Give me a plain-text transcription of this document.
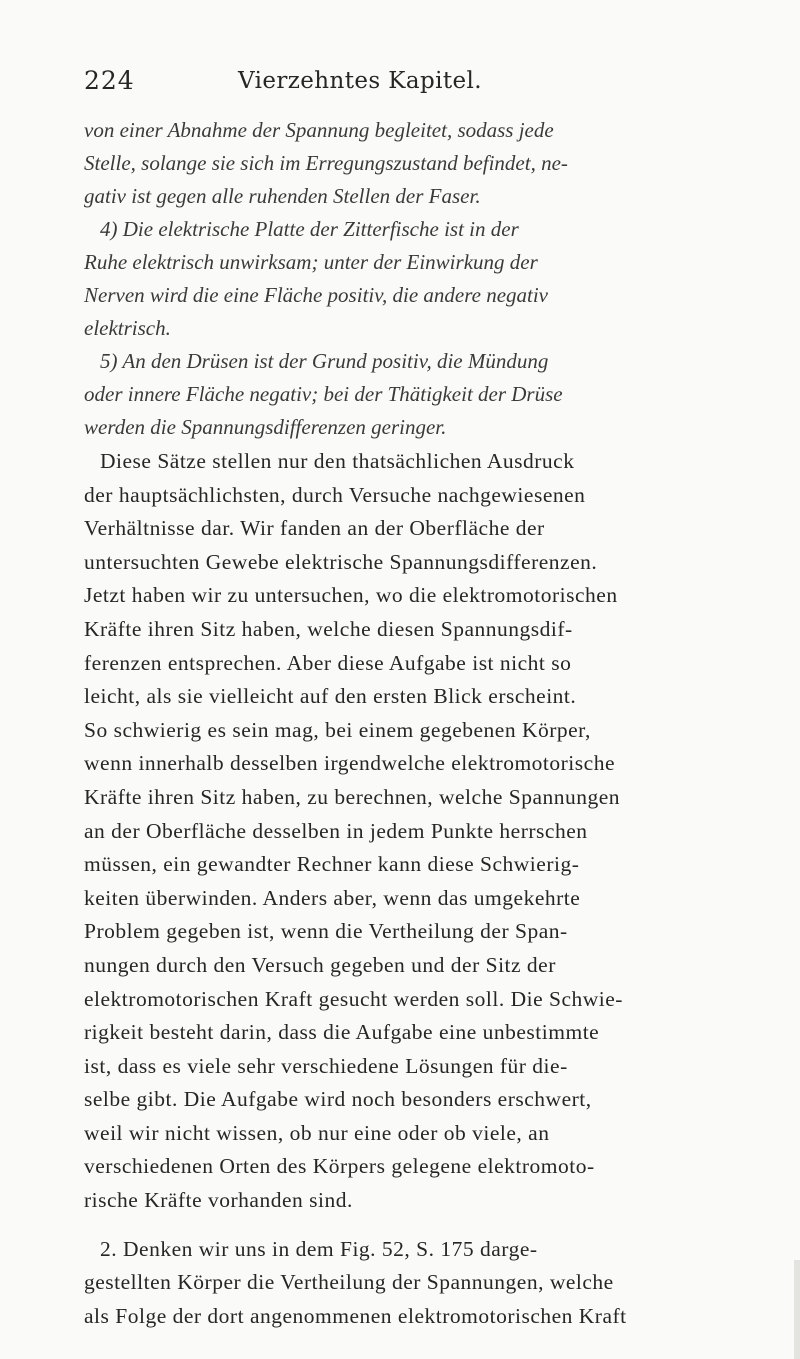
224	Vierzehntes Kapitel.
von einer Abnahme der Spannung begleitet, sodass jede
Stelle, solange sie sich im Erregungszustand befindet, ne-
gativ ist gegen alle ruhenden Stellen der Faser.
4) Die elektrische Platte der Zitterfische ist in der
Ruhe elektrisch unwirksam; unter der Einwirkung der
Nerven wird die eine Fläche positiv, die andere negativ
elektrisch.
5) An den Drüsen ist der Grund positiv, die Mündung
oder innere Fläche negativ; bei der Thätigkeit der Drüse
werden die Spannungsdifferenzen geringer.
Diese Sätze stellen nur den thatsächlichen Ausdruck
der hauptsächlichsten, durch Versuche nachgewiesenen
Verhältnisse dar. Wir fanden an der Oberfläche der
untersuchten Gewebe elektrische Spannungsdifferenzen.
Jetzt haben wir zu untersuchen, wo die elektromotorischen
Kräfte ihren Sitz haben, welche diesen Spannungsdif-
ferenzen entsprechen. Aber diese Aufgabe ist nicht so
leicht, als sie vielleicht auf den ersten Blick erscheint.
So schwierig es sein mag, bei einem gegebenen Körper,
wenn innerhalb desselben irgendwelche elektromotorische
Kräfte ihren Sitz haben, zu berechnen, welche Spannungen
an der Oberfläche desselben in jedem Punkte herrschen
müssen, ein gewandter Rechner kann diese Schwierig-
keiten überwinden. Anders aber, wenn das umgekehrte
Problem gegeben ist, wenn die Vertheilung der Span-
nungen durch den Versuch gegeben und der Sitz der
elektromotorischen Kraft gesucht werden soll. Die Schwie-
rigkeit besteht darin, dass die Aufgabe eine unbestimmte
ist, dass es viele sehr verschiedene Lösungen für die-
selbe gibt. Die Aufgabe wird noch besonders erschwert,
weil wir nicht wissen, ob nur eine oder ob viele, an
verschiedenen Orten des Körpers gelegene elektromoto-
rische Kräfte vorhanden sind.
2. Denken wir uns in dem Fig. 52, S. 175 darge-
gestellten Körper die Vertheilung der Spannungen, welche
als Folge der dort angenommenen elektromotorischen Kraft
